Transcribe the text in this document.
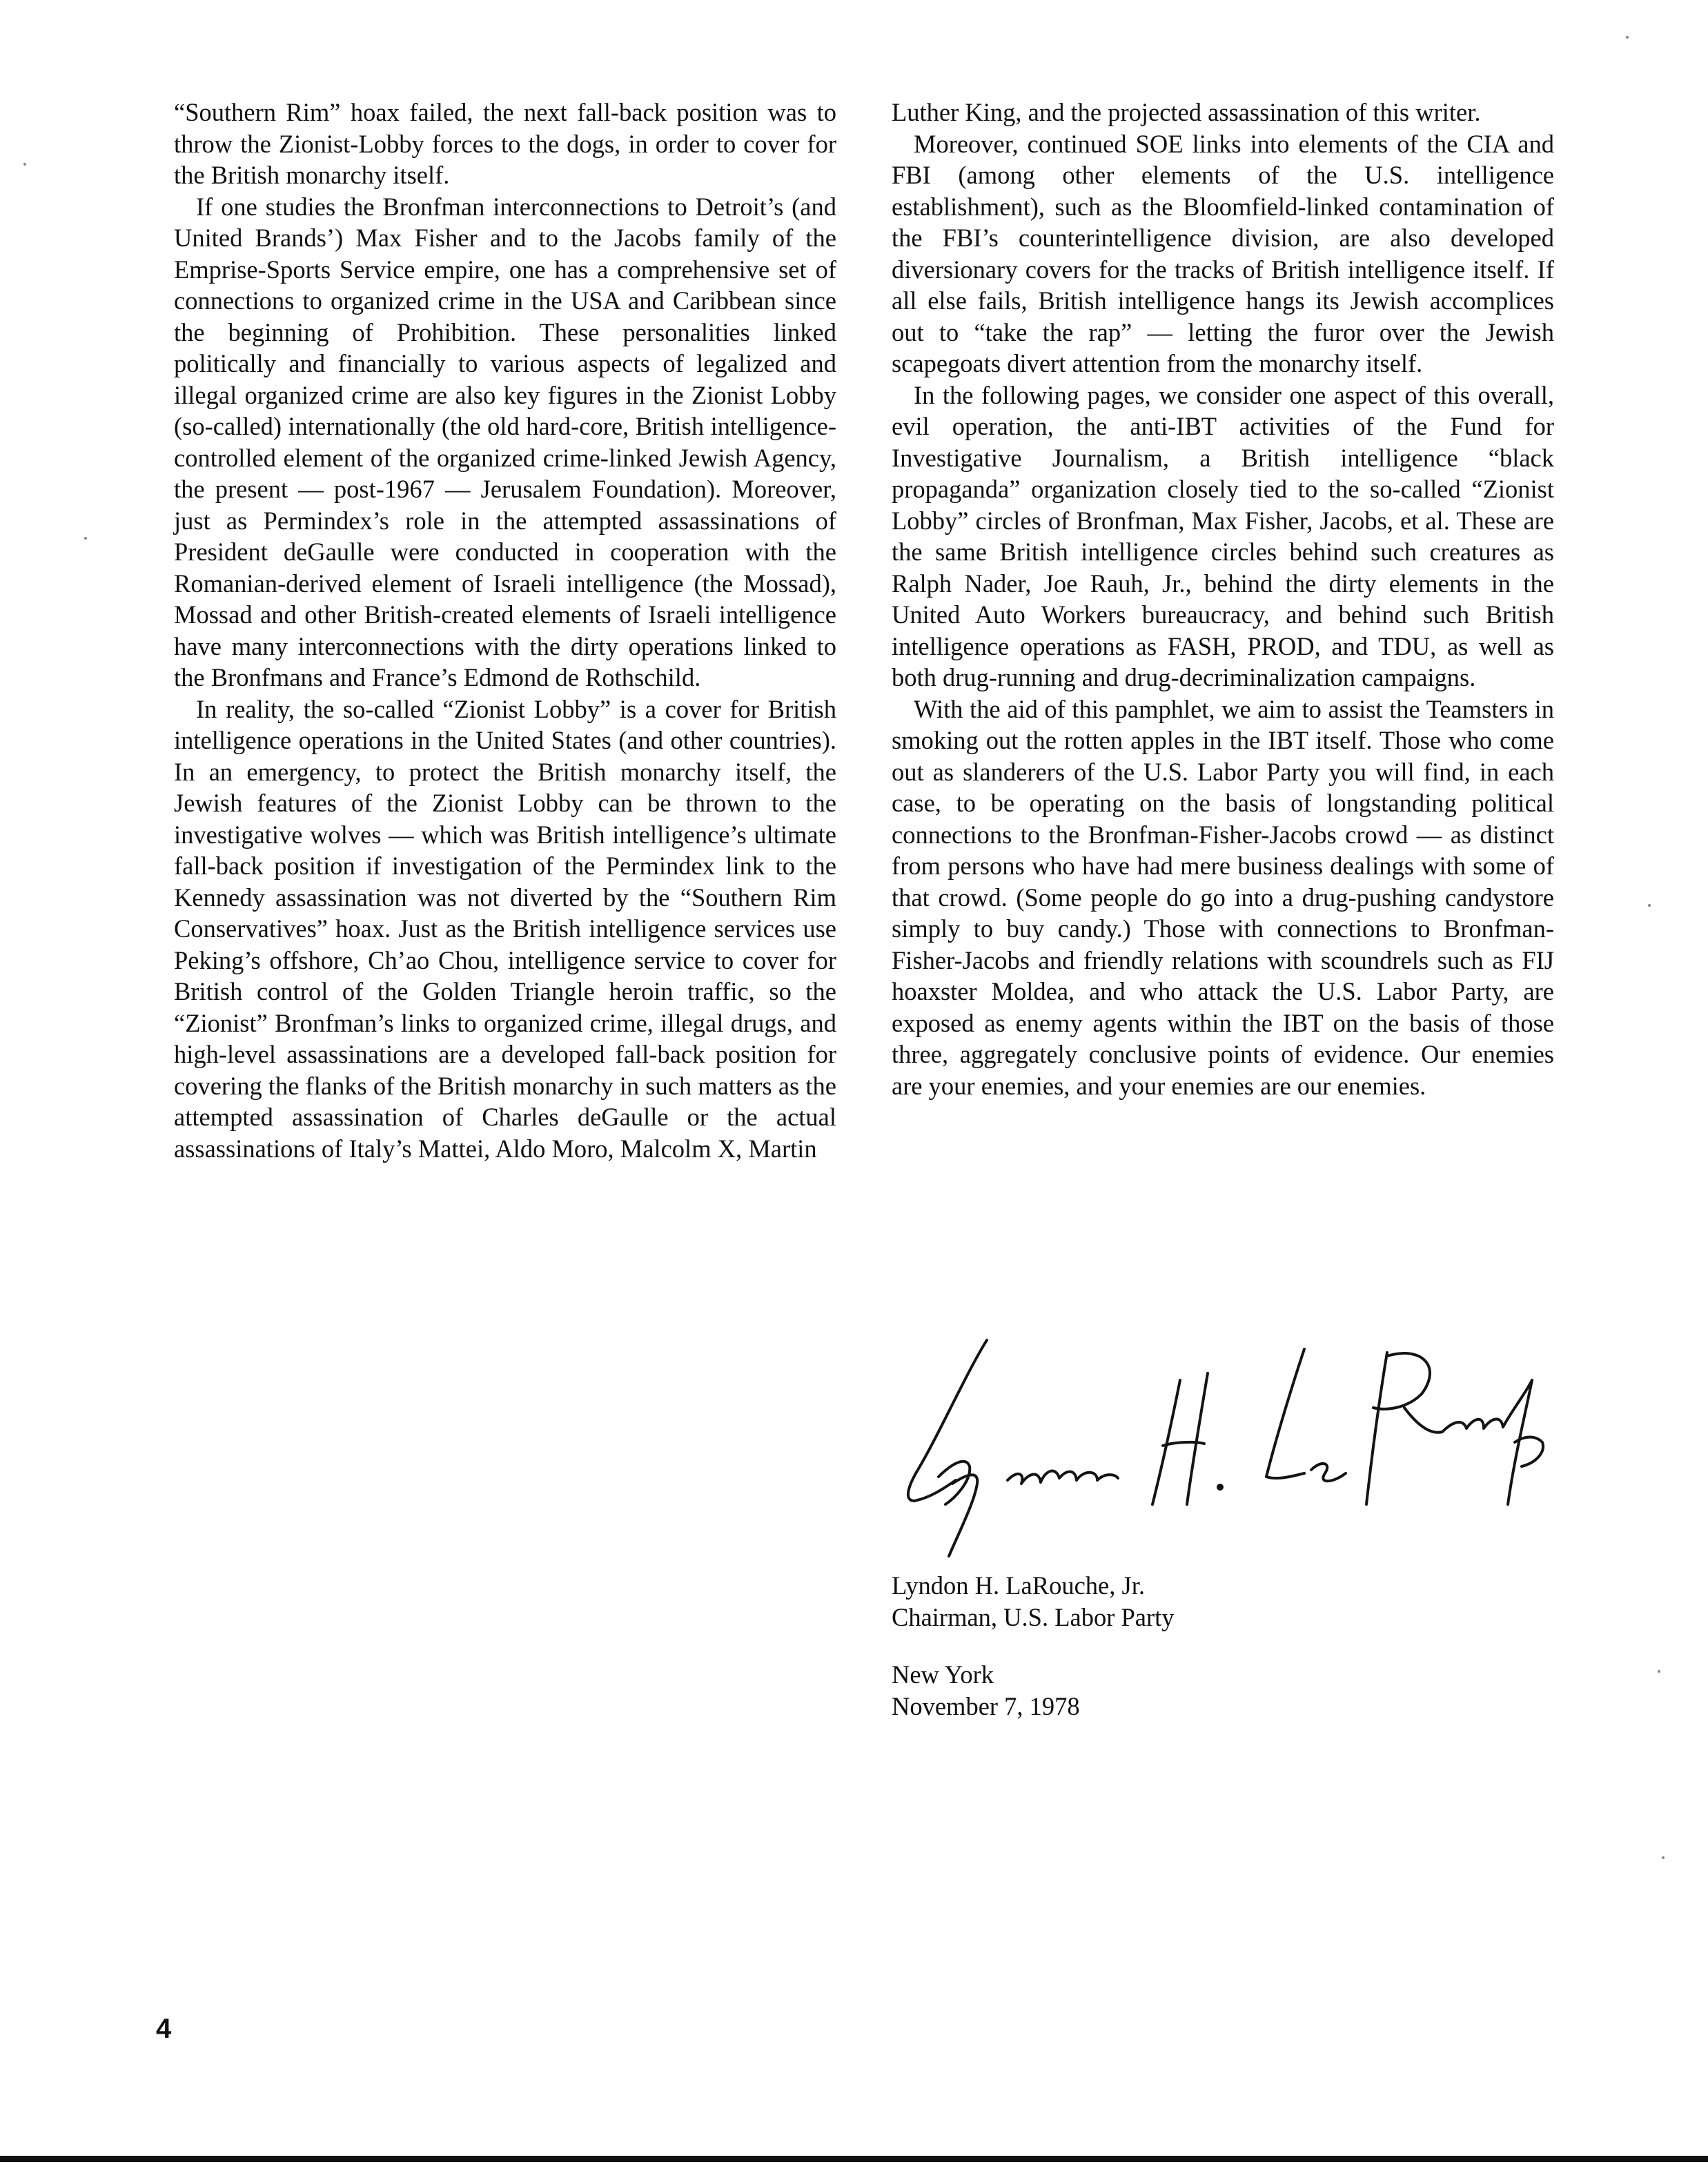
“Southern Rim” hoax failed, the next fall-back position was to throw the Zionist-Lobby forces to the dogs, in order to cover for the British monarchy itself.

If one studies the Bronfman interconnections to Detroit’s (and United Brands’) Max Fisher and to the Jacobs family of the Emprise-Sports Service empire, one has a comprehensive set of connections to organized crime in the USA and Caribbean since the beginning of Prohibition. These personalities linked politically and financially to various aspects of legalized and illegal organized crime are also key figures in the Zionist Lobby (so-called) internationally (the old hard-core, British intelligence-controlled element of the organized crime-linked Jewish Agency, the present — post-1967 — Jerusalem Foundation). Moreover, just as Permindex’s role in the attempted assassinations of President deGaulle were conducted in cooperation with the Romanian-derived element of Israeli intelligence (the Mossad), Mossad and other British-created elements of Israeli intelligence have many interconnections with the dirty operations linked to the Bronfmans and France’s Edmond de Rothschild.

In reality, the so-called “Zionist Lobby” is a cover for British intelligence operations in the United States (and other countries). In an emergency, to protect the British monarchy itself, the Jewish features of the Zionist Lobby can be thrown to the investigative wolves — which was British intelligence’s ultimate fall-back position if investigation of the Permindex link to the Kennedy assassination was not diverted by the “Southern Rim Conservatives” hoax. Just as the British intelligence services use Peking’s offshore, Ch’ao Chou, intelligence service to cover for British control of the Golden Triangle heroin traffic, so the “Zionist” Bronfman’s links to organized crime, illegal drugs, and high-level assassinations are a developed fall-back position for covering the flanks of the British monarchy in such matters as the attempted assassination of Charles deGaulle or the actual assassinations of Italy’s Mattei, Aldo Moro, Malcolm X, Martin

Luther King, and the projected assassination of this writer.

Moreover, continued SOE links into elements of the CIA and FBI (among other elements of the U.S. intelligence establishment), such as the Bloomfield-linked contamination of the FBI’s counterintelligence division, are also developed diversionary covers for the tracks of British intelligence itself. If all else fails, British intelligence hangs its Jewish accomplices out to “take the rap” — letting the furor over the Jewish scapegoats divert attention from the monarchy itself.

In the following pages, we consider one aspect of this overall, evil operation, the anti-IBT activities of the Fund for Investigative Journalism, a British intelligence “black propaganda” organization closely tied to the so-called “Zionist Lobby” circles of Bronfman, Max Fisher, Jacobs, et al. These are the same British intelligence circles behind such creatures as Ralph Nader, Joe Rauh, Jr., behind the dirty elements in the United Auto Workers bureaucracy, and behind such British intelligence operations as FASH, PROD, and TDU, as well as both drug-running and drug-decriminalization campaigns.

With the aid of this pamphlet, we aim to assist the Teamsters in smoking out the rotten apples in the IBT itself. Those who come out as slanderers of the U.S. Labor Party you will find, in each case, to be operating on the basis of longstanding political connections to the Bronfman-Fisher-Jacobs crowd — as distinct from persons who have had mere business dealings with some of that crowd. (Some people do go into a drug-pushing candystore simply to buy candy.) Those with connections to Bronfman-Fisher-Jacobs and friendly relations with scoundrels such as FIJ hoaxster Moldea, and who attack the U.S. Labor Party, are exposed as enemy agents within the IBT on the basis of those three, aggregately conclusive points of evidence. Our enemies are your enemies, and your enemies are our enemies.

Lyndon H. LaRouche, Jr.
Chairman, U.S. Labor Party
New York
November 7, 1978
4
